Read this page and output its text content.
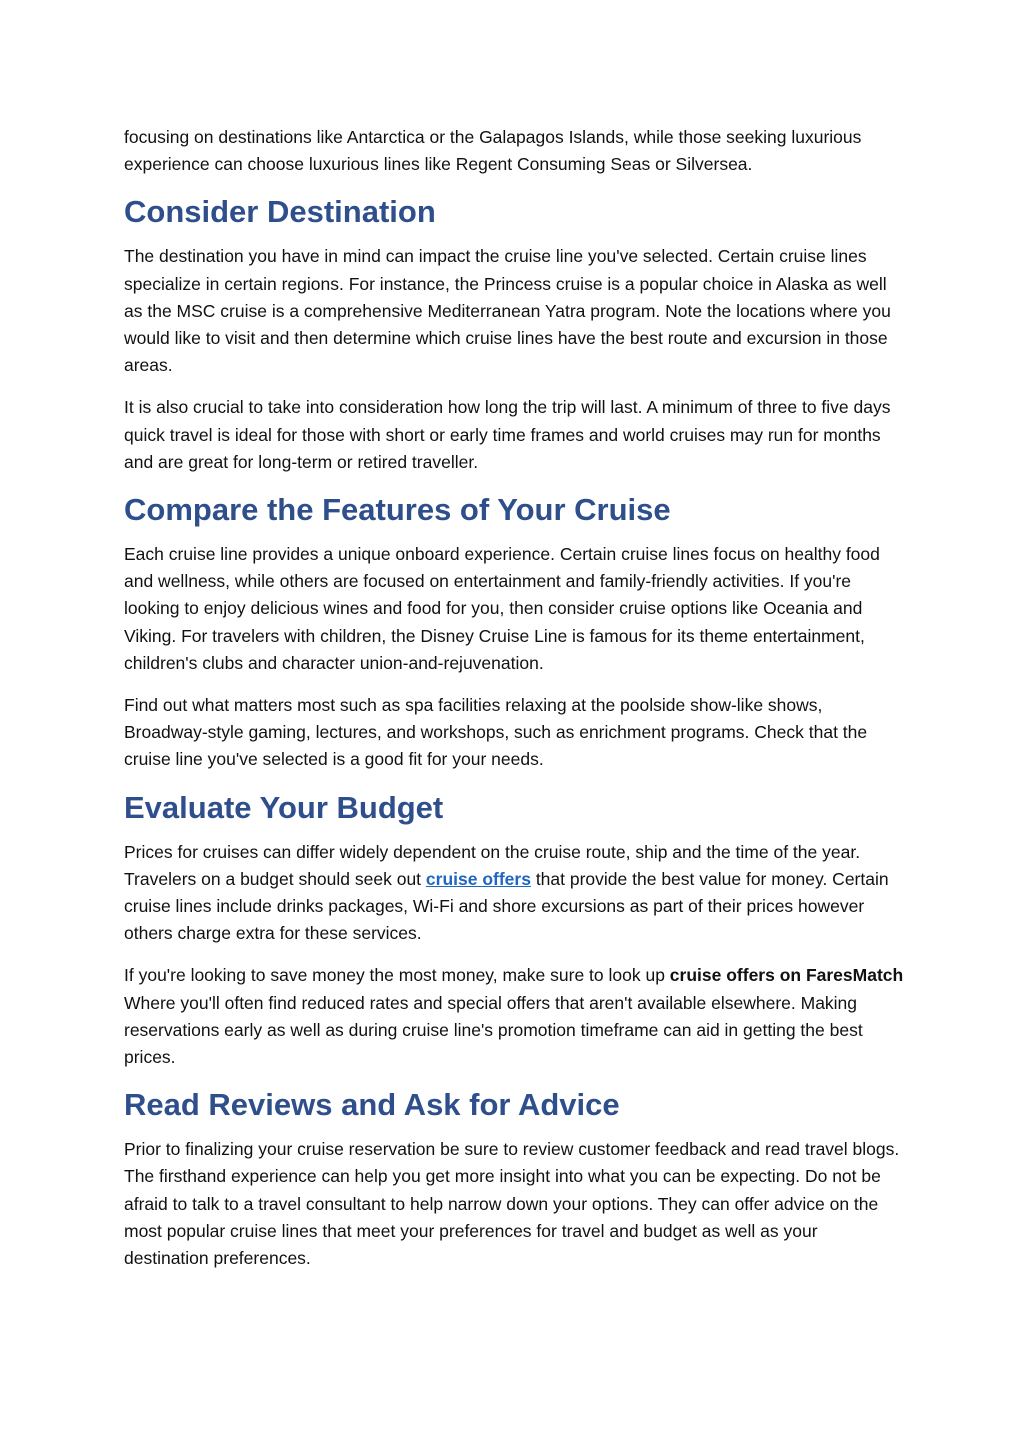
focusing on destinations like Antarctica or the Galapagos Islands, while those seeking luxurious experience can choose luxurious lines like Regent Consuming Seas or Silversea.

Consider Destination

The destination you have in mind can impact the cruise line you've selected. Certain cruise lines specialize in certain regions. For instance, the Princess cruise is a popular choice in Alaska as well as the MSC cruise is a comprehensive Mediterranean Yatra program. Note the locations where you would like to visit and then determine which cruise lines have the best route and excursion in those areas.

It is also crucial to take into consideration how long the trip will last. A minimum of three to five days quick travel is ideal for those with short or early time frames and world cruises may run for months and are great for long-term or retired traveller.

Compare the Features of Your Cruise

Each cruise line provides a unique onboard experience. Certain cruise lines focus on healthy food and wellness, while others are focused on entertainment and family-friendly activities. If you're looking to enjoy delicious wines and food for you, then consider cruise options like Oceania and Viking. For travelers with children, the Disney Cruise Line is famous for its theme entertainment, children's clubs and character union-and-rejuvenation.

Find out what matters most such as spa facilities relaxing at the poolside show-like shows, Broadway-style gaming, lectures, and workshops, such as enrichment programs. Check that the cruise line you've selected is a good fit for your needs.

Evaluate Your Budget

Prices for cruises can differ widely dependent on the cruise route, ship and the time of the year. Travelers on a budget should seek out cruise offers that provide the best value for money. Certain cruise lines include drinks packages, Wi-Fi and shore excursions as part of their prices however others charge extra for these services.

If you're looking to save money the most money, make sure to look up cruise offers on FaresMatch Where you'll often find reduced rates and special offers that aren't available elsewhere. Making reservations early as well as during cruise line's promotion timeframe can aid in getting the best prices.

Read Reviews and Ask for Advice

Prior to finalizing your cruise reservation be sure to review customer feedback and read travel blogs. The firsthand experience can help you get more insight into what you can be expecting. Do not be afraid to talk to a travel consultant to help narrow down your options. They can offer advice on the most popular cruise lines that meet your preferences for travel and budget as well as your destination preferences.
